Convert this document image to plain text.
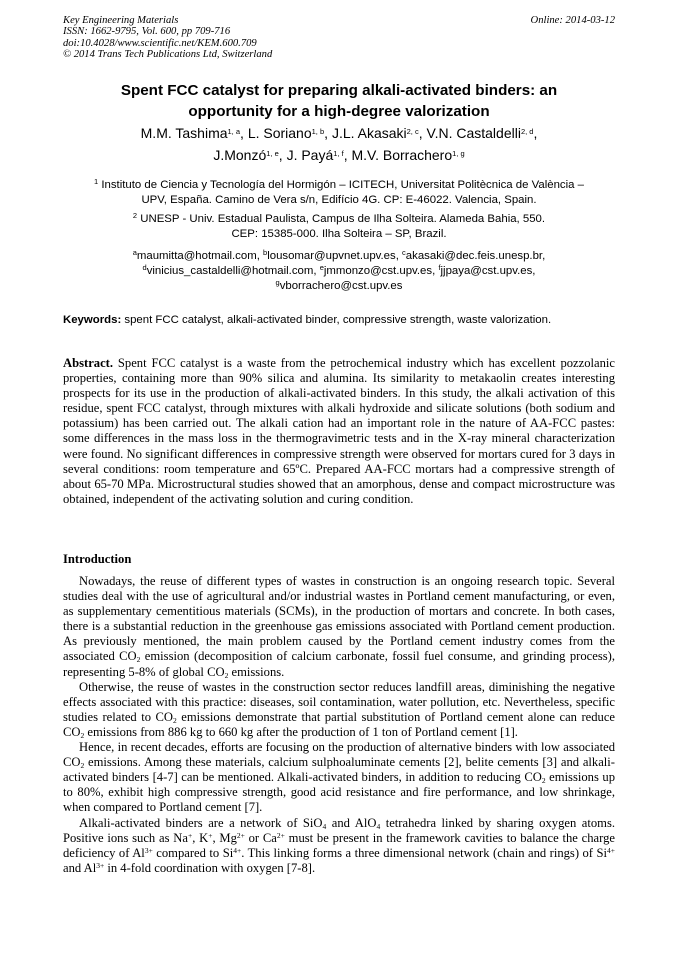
Key Engineering Materials
ISSN: 1662-9795, Vol. 600, pp 709-716
doi:10.4028/www.scientific.net/KEM.600.709
© 2014 Trans Tech Publications Ltd, Switzerland
Online: 2014-03-12
Spent FCC catalyst for preparing alkali-activated binders: an
opportunity for a high-degree valorization
M.M. Tashima$^{1, a}$, L. Soriano$^{1, b}$, J.L. Akasaki$^{2, c}$, V.N. Castaldelli$^{2, d}$,
J.Monzó$^{1, e}$, J. Payá$^{1, f}$, M.V. Borrachero$^{1, g}$
$^1$ Instituto de Ciencia y Tecnología del Hormigón – ICITECH, Universitat Politècnica de València –
UPV, España. Camino de Vera s/n, Edifício 4G. CP: E-46022. Valencia, Spain.
$^2$ UNESP - Univ. Estadual Paulista, Campus de Ilha Solteira. Alameda Bahia, 550.
CEP: 15385-000. Ilha Solteira – SP, Brazil.
$^a$maumitta@hotmail.com, $^b$lousomar@upvnet.upv.es, $^c$akasaki@dec.feis.unesp.br,
$^d$vinicius_castaldelli@hotmail.com, $^e$jmmonzo@cst.upv.es, $^f$jjpaya@cst.upv.es,
$^g$vborrachero@cst.upv.es
Keywords: spent FCC catalyst, alkali-activated binder, compressive strength, waste valorization.
Abstract. Spent FCC catalyst is a waste from the petrochemical industry which has excellent pozzolanic properties, containing more than 90% silica and alumina. Its similarity to metakaolin creates interesting prospects for its use in the production of alkali-activated binders. In this study, the alkali activation of this residue, spent FCC catalyst, through mixtures with alkali hydroxide and silicate solutions (both sodium and potassium) has been carried out. The alkali cation had an important role in the nature of AA-FCC pastes: some differences in the mass loss in the thermogravimetric tests and in the X-ray mineral characterization were found. No significant differences in compressive strength were observed for mortars cured for 3 days in several conditions: room temperature and 65ºC. Prepared AA-FCC mortars had a compressive strength of about 65-70 MPa. Microstructural studies showed that an amorphous, dense and compact microstructure was obtained, independent of the activating solution and curing condition.
Introduction

Nowadays, the reuse of different types of wastes in construction is an ongoing research topic. Several studies deal with the use of agricultural and/or industrial wastes in Portland cement manufacturing, or even, as supplementary cementitious materials (SCMs), in the production of mortars and concrete. In both cases, there is a substantial reduction in the greenhouse gas emissions associated with Portland cement production. As previously mentioned, the main problem caused by the Portland cement industry comes from the associated $CO_2$ emission (decomposition of calcium carbonate, fossil fuel consume, and grinding process), representing 5-8% of global $CO_2$ emissions.

Otherwise, the reuse of wastes in the construction sector reduces landfill areas, diminishing the negative effects associated with this practice: diseases, soil contamination, water pollution, etc. Nevertheless, specific studies related to $CO_2$ emissions demonstrate that partial substitution of Portland cement alone can reduce $CO_2$ emissions from 886 kg to 660 kg after the production of 1 ton of Portland cement [1].

Hence, in recent decades, efforts are focusing on the production of alternative binders with low associated $CO_2$ emissions. Among these materials, calcium sulphoaluminate cements [2], belite cements [3] and alkali-activated binders [4-7] can be mentioned. Alkali-activated binders, in addition to reducing $CO_2$ emissions up to 80%, exhibit high compressive strength, good acid resistance and fire performance, and low shrinkage, when compared to Portland cement [7].

Alkali-activated binders are a network of SiO$_4$ and AlO$_4$ tetrahedra linked by sharing oxygen atoms. Positive ions such as Na+, K+, $Mg^{2+}$ or $Ca^{2+}$ must be present in the framework cavities to balance the charge deficiency of $Al^{3+}$ compared to $Si^{4+}$. This linking forms a three dimensional network (chain and rings) of $Si^{4+}$ and $Al^{3+}$ in 4-fold coordination with oxygen [7-8].
